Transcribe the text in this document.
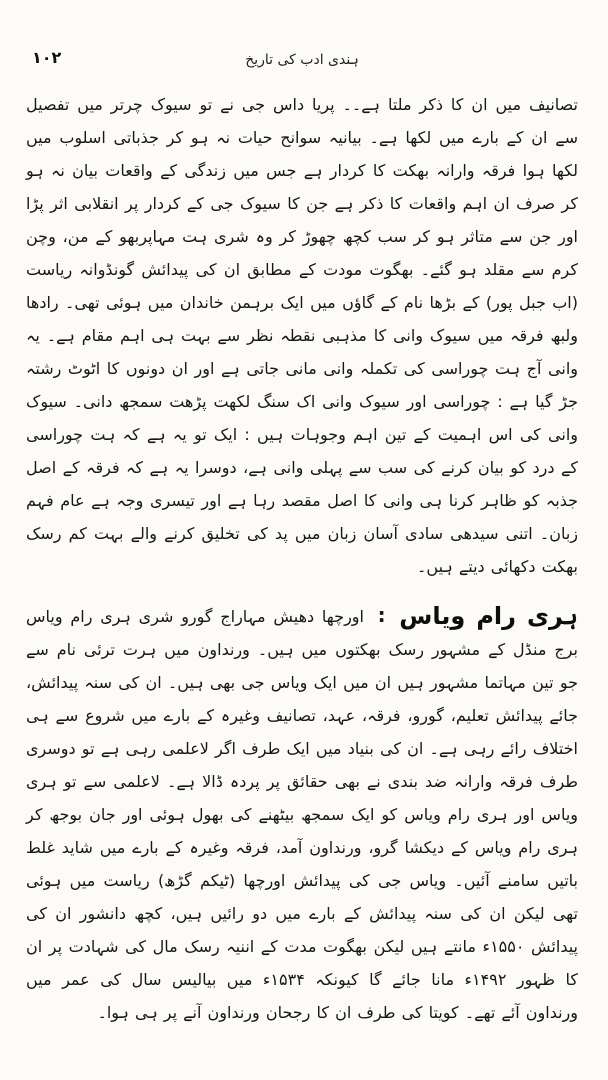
ہندی ادب کی تاریخ
۱۰۲

تصانیف میں ان کا ذکر ملتا ہے۔۔ پریا داس جی نے تو سیوک چرتر میں تفصیل سے ان کے بارے میں لکھا ہے۔ بیانیہ سوانح حیات نہ ہو کر جذباتی اسلوب میں لکھا ہوا فرقہ وارانہ بھکت کا کردار ہے جس میں زندگی کے واقعات بیان نہ ہو کر صرف ان اہم واقعات کا ذکر ہے جن کا سیوک جی کے کردار پر انقلابی اثر پڑا اور جن سے متاثر ہو کر سب کچھ چھوڑ کر وہ شری ہت مہاپربھو کے من، وچن کرم سے مقلد ہو گئے۔ بھگوت مودت کے مطابق ان کی پیدائش گونڈوانہ ریاست (اب جبل پور) کے بڑھا نام کے گاؤں میں ایک برہمن خاندان میں ہوئی تھی۔ رادھا ولبھ فرقہ میں سیوک وانی کا مذہبی نقطہ نظر سے بہت ہی اہم مقام ہے۔ یہ وانی آج ہت چوراسی کی تکملہ وانی مانی جاتی ہے اور ان دونوں کا اٹوٹ رشتہ جڑ گیا ہے : چوراسی اور سیوک وانی اک سنگ لکھت پڑھت سمجھ دانی۔ سیوک وانی کی اس اہمیت کے تین اہم وجوہات ہیں : ایک تو یہ ہے کہ ہت چوراسی کے درد کو بیان کرنے کی سب سے پہلی وانی ہے، دوسرا یہ ہے کہ فرقہ کے اصل جذبہ کو ظاہر کرنا ہی وانی کا اصل مقصد رہا ہے اور تیسری وجہ ہے عام فہم زبان۔ اتنی سیدھی سادی آسان زبان میں پد کی تخلیق کرنے والے بہت کم رسک بھکت دکھائی دیتے ہیں۔

ہری رام ویاس : اورچھا دھیش مہاراج گورو شری ہری رام ویاس برج منڈل کے مشہور رسک بھکتوں میں ہیں۔ ورنداون میں ہرت ترئی نام سے جو تین مہاتما مشہور ہیں ان میں ایک ویاس جی بھی ہیں۔ ان کی سنہ پیدائش، جائے پیدائش تعلیم، گورو، فرقہ، عہد، تصانیف وغیرہ کے بارے میں شروع سے ہی اختلاف رائے رہی ہے۔ ان کی بنیاد میں ایک طرف اگر لاعلمی رہی ہے تو دوسری طرف فرقہ وارانہ ضد بندی نے بھی حقائق پر پردہ ڈالا ہے۔ لاعلمی سے تو ہری ویاس اور ہری رام ویاس کو ایک سمجھ بیٹھنے کی بھول ہوئی اور جان بوجھ کر ہری رام ویاس کے دیکشا گرو، ورنداون آمد، فرقہ وغیرہ کے بارے میں شاید غلط باتیں سامنے آئیں۔ ویاس جی کی پیدائش اورچھا (ٹیکم گڑھ) ریاست میں ہوئی تھی لیکن ان کی سنہ پیدائش کے بارے میں دو رائیں ہیں، کچھ دانشور ان کی پیدائش ۱۵۵۰ء مانتے ہیں لیکن بھگوت مدت کے اننیہ رسک مال کی شہادت پر ان کا ظہور ۱۴۹۲ء مانا جائے گا کیونکہ ۱۵۳۴ء میں بیالیس سال کی عمر میں ورنداون آئے تھے۔ کویتا کی طرف ان کا رجحان ورنداون آنے پر ہی ہوا۔
